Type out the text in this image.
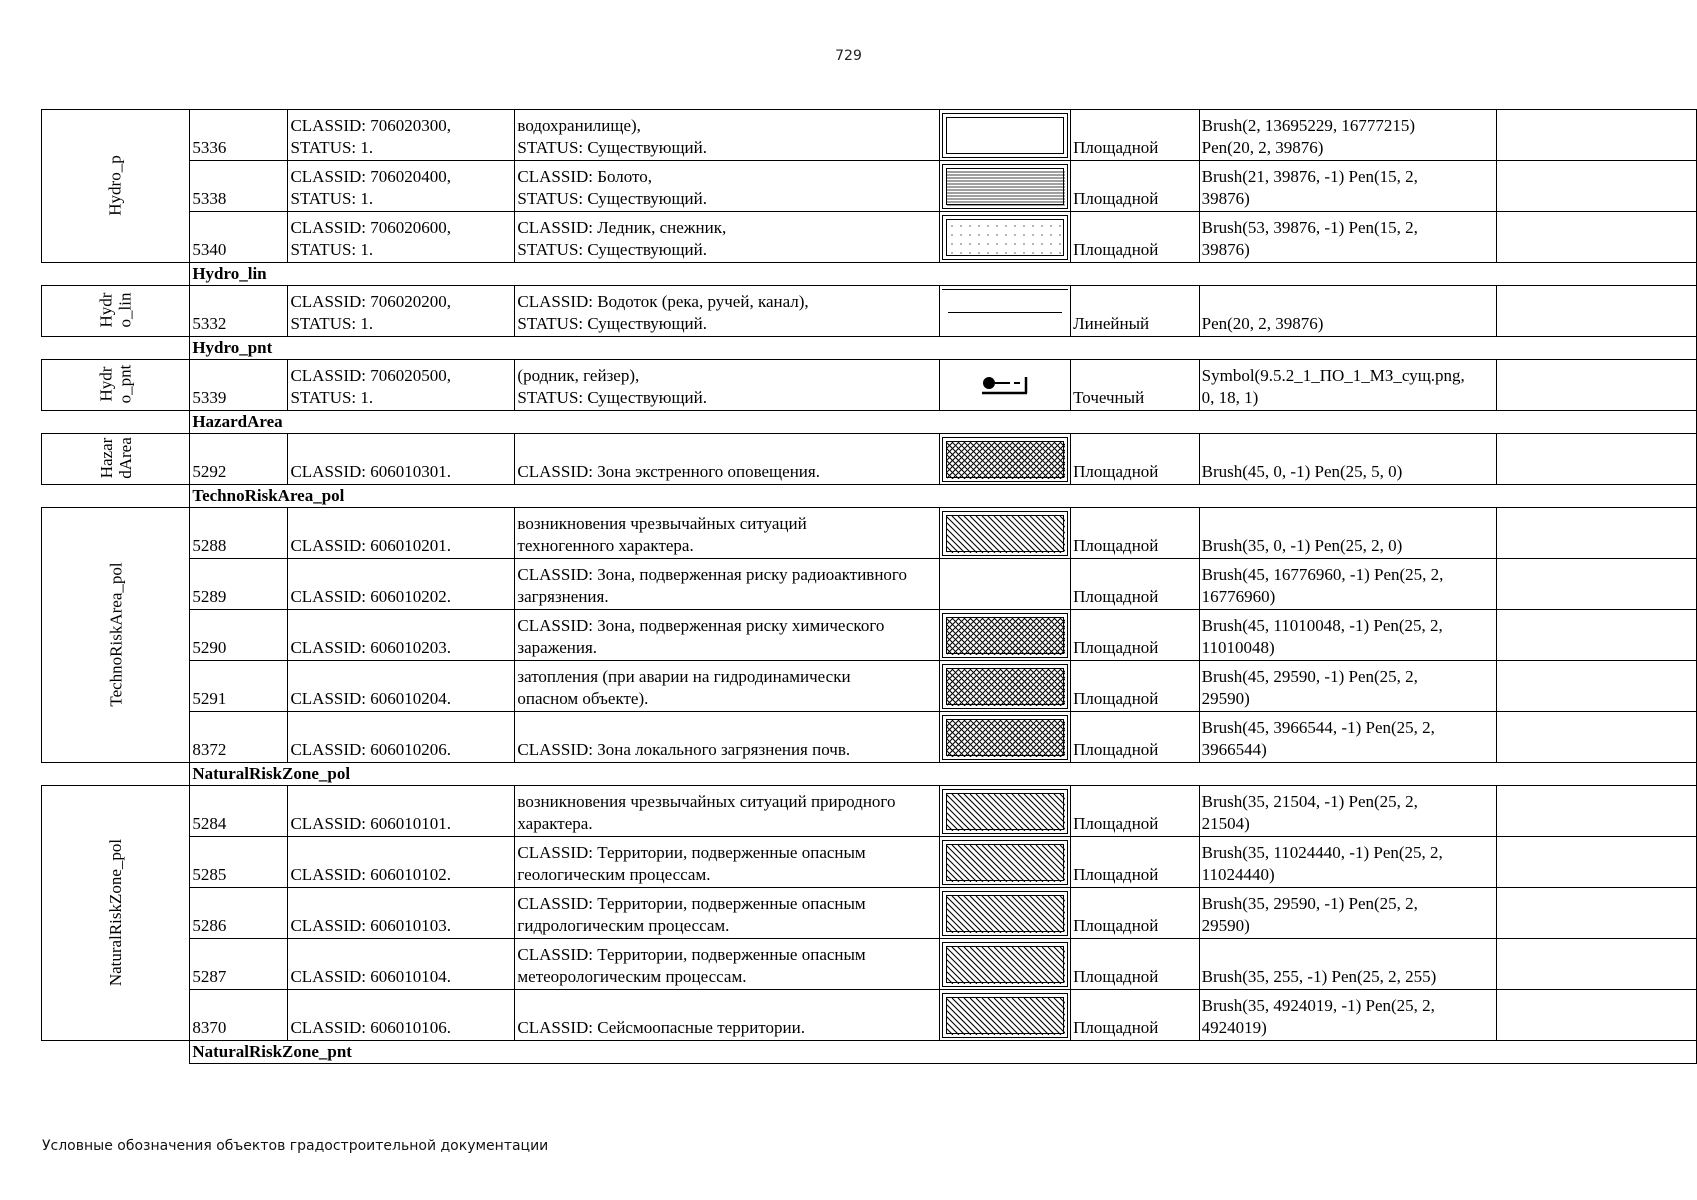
729
Hydro_p	5336	CLASSID: 706020300,
STATUS: 1.	водохранилище),
STATUS: Существующий.		Площадной	Brush(2, 13695229, 16777215)
Pen(20, 2, 39876)	
	5338	CLASSID: 706020400,
STATUS: 1.	CLASSID: Болото,
STATUS: Существующий.		Площадной	Brush(21, 39876, -1) Pen(15, 2,
39876)	
	5340	CLASSID: 706020600,
STATUS: 1.	CLASSID: Ледник, снежник,
STATUS: Существующий.		Площадной	Brush(53, 39876, -1) Pen(15, 2,
39876)	
	Hydro_lin						
Hydr
o_lin	5332	CLASSID: 706020200,
STATUS: 1.	CLASSID: Водоток (река, ручей, канал),
STATUS: Существующий.		Линейный	Pen(20, 2, 39876)	
	Hydro_pnt						
Hydr
o_pnt	5339	CLASSID: 706020500,
STATUS: 1.	(родник, гейзер),
STATUS: Существующий.		Точечный	Symbol(9.5.2_1_ПО_1_МЗ_сущ.png,
0, 18, 1)	
	HazardArea						
Hazar
dArea	5292	CLASSID: 606010301.	CLASSID: Зона экстренного оповещения.		Площадной	Brush(45, 0, -1) Pen(25, 5, 0)	
	TechnoRiskArea_pol						
TechnoRiskArea_pol	5288	CLASSID: 606010201.	возникновения чрезвычайных ситуаций
техногенного характера.		Площадной	Brush(35, 0, -1) Pen(25, 2, 0)	
	5289	CLASSID: 606010202.	CLASSID: Зона, подверженная риску радиоактивного
загрязнения.		Площадной	Brush(45, 16776960, -1) Pen(25, 2,
16776960)	
	5290	CLASSID: 606010203.	CLASSID: Зона, подверженная риску химического
заражения.		Площадной	Brush(45, 11010048, -1) Pen(25, 2,
11010048)	
	5291	CLASSID: 606010204.	затопления (при аварии на гидродинамически
опасном объекте).		Площадной	Brush(45, 29590, -1) Pen(25, 2,
29590)	
	8372	CLASSID: 606010206.	CLASSID: Зона локального загрязнения почв.		Площадной	Brush(45, 3966544, -1) Pen(25, 2,
3966544)	
	NaturalRiskZone_pol						
NaturalRiskZone_pol	5284	CLASSID: 606010101.	возникновения чрезвычайных ситуаций природного
характера.		Площадной	Brush(35, 21504, -1) Pen(25, 2,
21504)	
	5285	CLASSID: 606010102.	CLASSID: Территории, подверженные опасным
геологическим процессам.		Площадной	Brush(35, 11024440, -1) Pen(25, 2,
11024440)	
	5286	CLASSID: 606010103.	CLASSID: Территории, подверженные опасным
гидрологическим процессам.		Площадной	Brush(35, 29590, -1) Pen(25, 2,
29590)	
	5287	CLASSID: 606010104.	CLASSID: Территории, подверженные опасным
метеорологическим процессам.		Площадной	Brush(35, 255, -1) Pen(25, 2, 255)	
	8370	CLASSID: 606010106.	CLASSID: Сейсмоопасные территории.		Площадной	Brush(35, 4924019, -1) Pen(25, 2,
4924019)	
	NaturalRiskZone_pnt						
Условные обозначения объектов градостроительной документации
